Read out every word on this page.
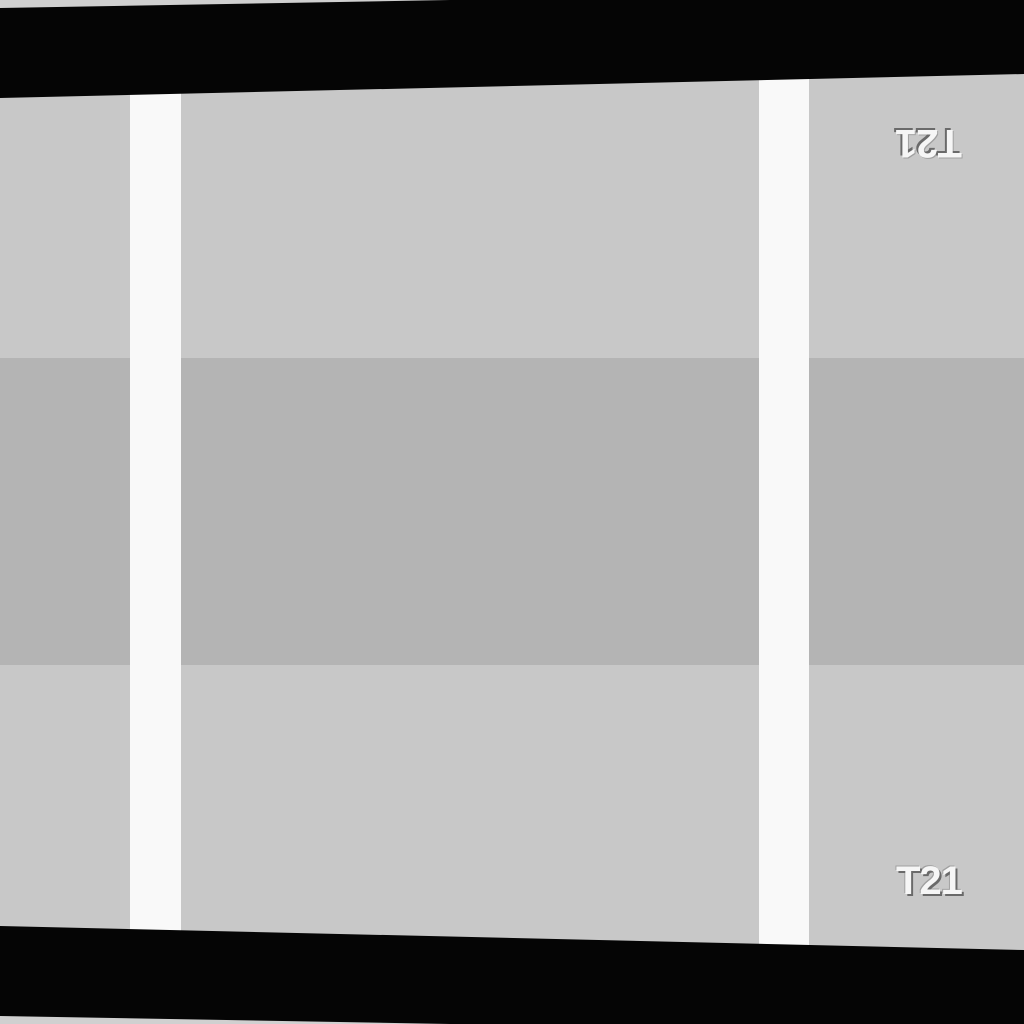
T21
T21
